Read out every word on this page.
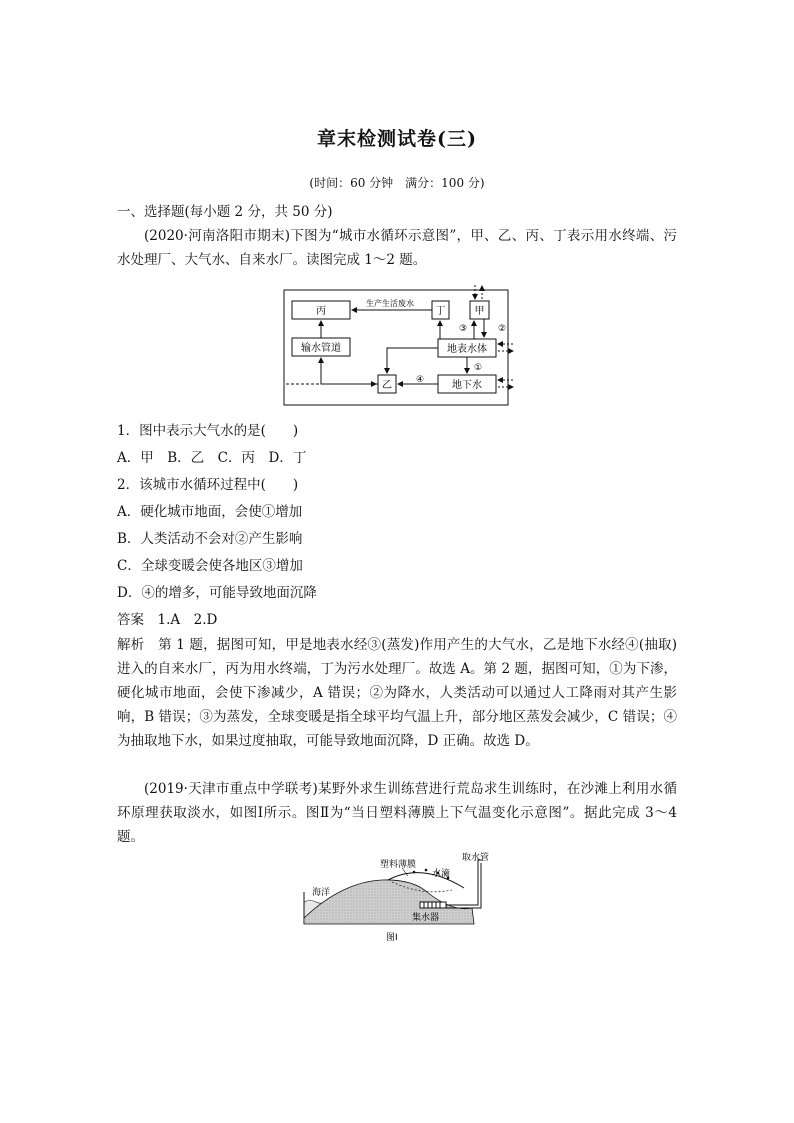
章末检测试卷(三)
(时间：60 分钟　满分：100 分)
一、选择题(每小题 2 分，共 50 分)
(2020·河南洛阳市期末)下图为“城市水循环示意图”，甲、乙、丙、丁表示用水终端、污水处理厂、大气水、自来水厂。读图完成 1～2 题。
丙	丁	甲
输水管道	地表水体
乙	地下水
生产生活废水
③	②
①
④
1．图中表示大气水的是(　　)
A．甲　B．乙　C．丙　D．丁
2．该城市水循环过程中(　　)
A．硬化城市地面，会使①增加
B．人类活动不会对②产生影响
C．全球变暖会使各地区③增加
D．④的增多，可能导致地面沉降
答案　1.A　2.D
解析　第 1 题，据图可知，甲是地表水经③(蒸发)作用产生的大气水，乙是地下水经④(抽取)进入的自来水厂，丙为用水终端，丁为污水处理厂。故选 A。第 2 题，据图可知，①为下渗，硬化城市地面，会使下渗减少，A 错误；②为降水，人类活动可以通过人工降雨对其产生影响，B 错误；③为蒸发，全球变暖是指全球平均气温上升，部分地区蒸发会减少，C 错误；④为抽取地下水，如果过度抽取，可能导致地面沉降，D 正确。故选 D。
(2019·天津市重点中学联考)某野外求生训练营进行荒岛求生训练时，在沙滩上利用水循环原理获取淡水，如图Ⅰ所示。图Ⅱ为“当日塑料薄膜上下气温变化示意图”。据此完成 3～4 题。
海洋
塑料薄膜
水滴
取水管
集水器
图Ⅰ
